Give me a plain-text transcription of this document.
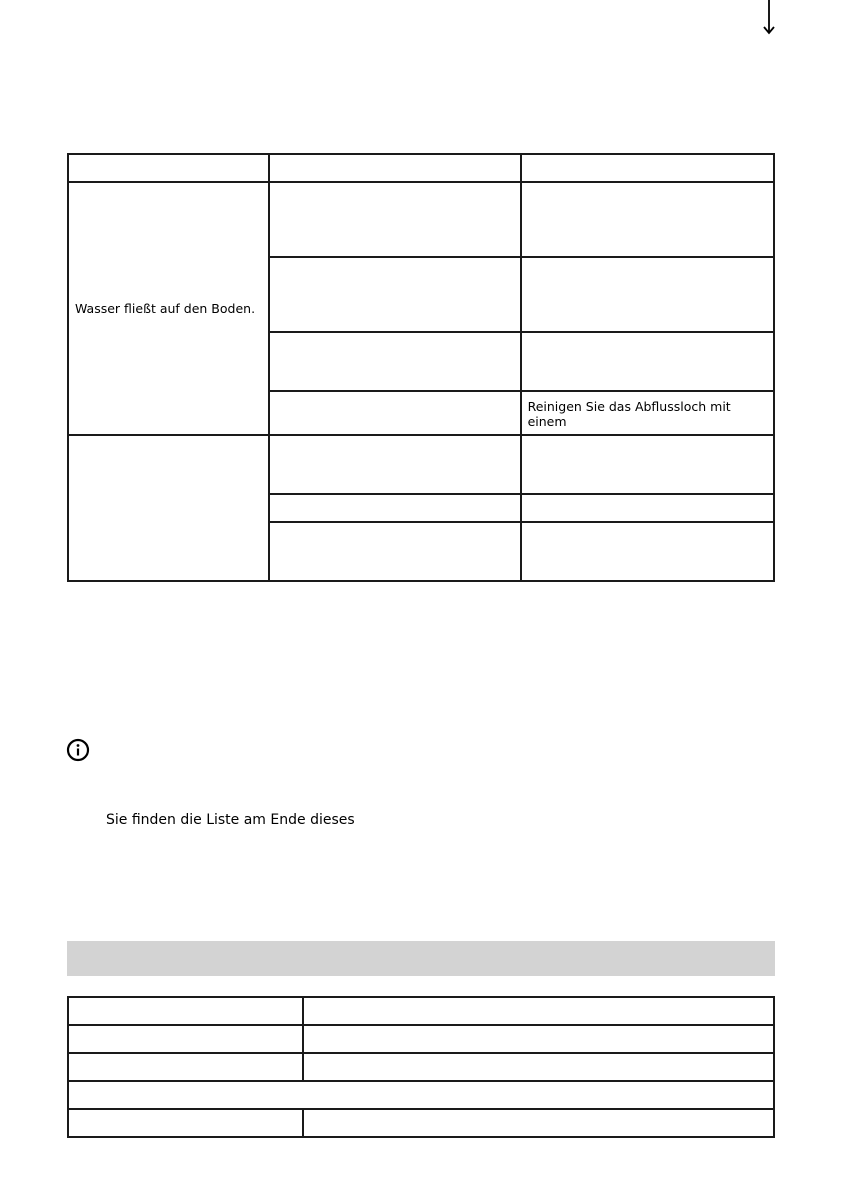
Wasser fließt auf den Boden.		

		Reinigen Sie das Abflussloch mit einem

Sie finden die Liste am Ende dieses
